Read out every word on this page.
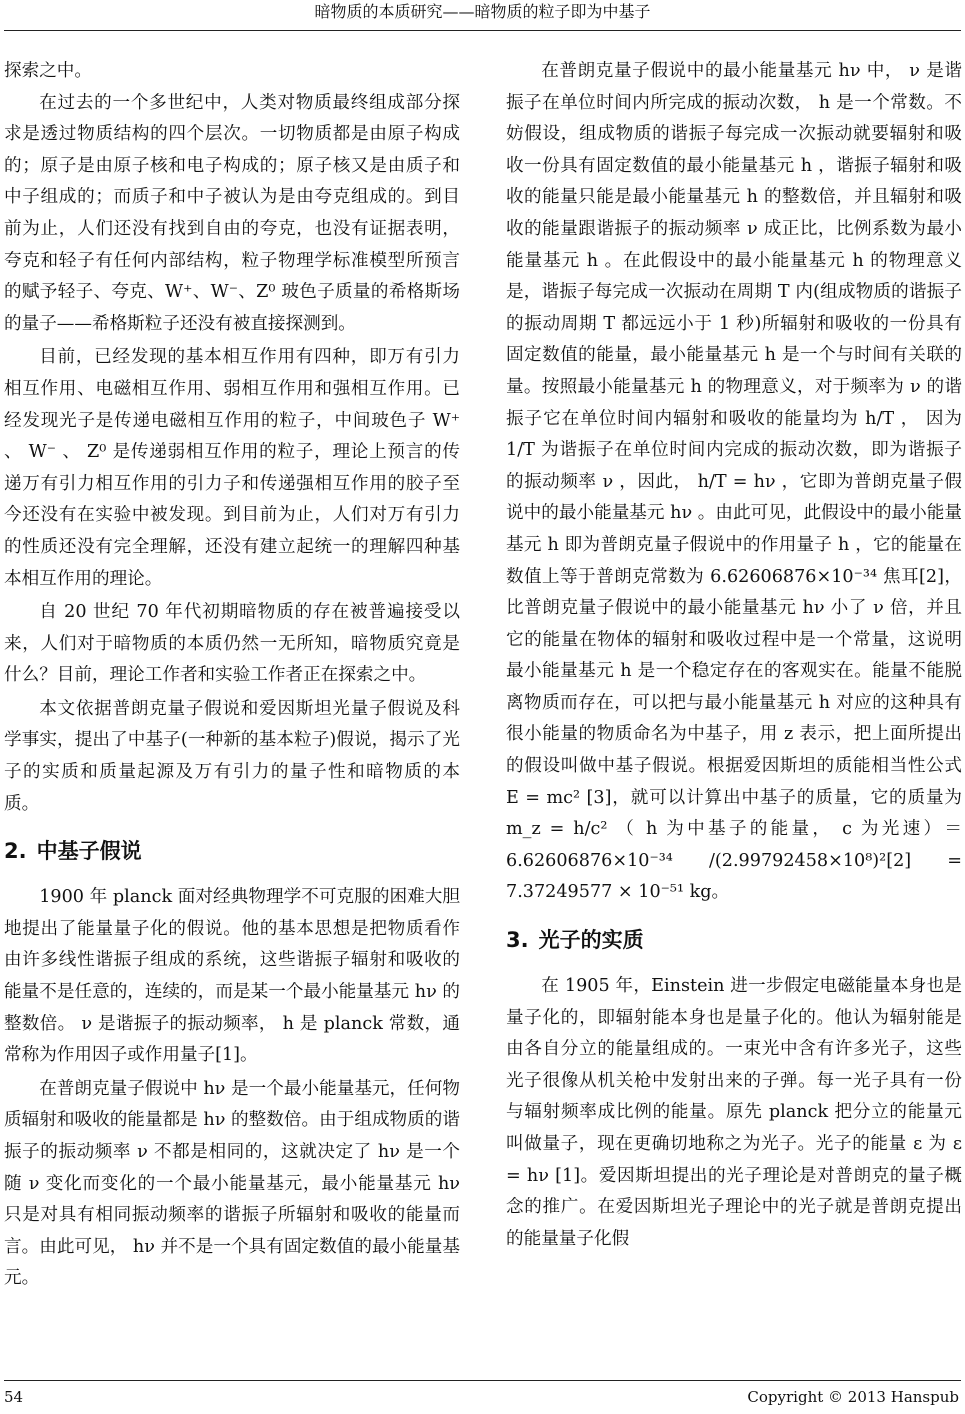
暗物质的本质研究——暗物质的粒子即为中基子

探索之中。

在过去的一个多世纪中，人类对物质最终组成部分探求是透过物质结构的四个层次。一切物质都是由原子构成的；原子是由原子核和电子构成的；原子核又是由质子和中子组成的；而质子和中子被认为是由夸克组成的。到目前为止，人们还没有找到自由的夸克，也没有证据表明，夸克和轻子有任何内部结构，粒子物理学标准模型所预言的赋予轻子、夸克、W⁺、W⁻、Z⁰ 玻色子质量的希格斯场的量子——希格斯粒子还没有被直接探测到。

目前，已经发现的基本相互作用有四种，即万有引力相互作用、电磁相互作用、弱相互作用和强相互作用。已经发现光子是传递电磁相互作用的粒子，中间玻色子 W⁺ 、 W⁻ 、 Z⁰ 是传递弱相互作用的粒子，理论上预言的传递万有引力相互作用的引力子和传递强相互作用的胶子至今还没有在实验中被发现。到目前为止，人们对万有引力的性质还没有完全理解，还没有建立起统一的理解四种基本相互作用的理论。

自 20 世纪 70 年代初期暗物质的存在被普遍接受以来，人们对于暗物质的本质仍然一无所知，暗物质究竟是什么？目前，理论工作者和实验工作者正在探索之中。

本文依据普朗克量子假说和爱因斯坦光量子假说及科学事实，提出了中基子(一种新的基本粒子)假说，揭示了光子的实质和质量起源及万有引力的量子性和暗物质的本质。

2. 中基子假说

1900 年 planck 面对经典物理学不可克服的困难大胆地提出了能量量子化的假说。他的基本思想是把物质看作由许多线性谐振子组成的系统，这些谐振子辐射和吸收的能量不是任意的，连续的，而是某一个最小能量基元 hν 的整数倍。 ν 是谐振子的振动频率， h 是 planck 常数，通常称为作用因子或作用量子[1]。

在普朗克量子假说中 hν 是一个最小能量基元，任何物质辐射和吸收的能量都是 hν 的整数倍。由于组成物质的谐振子的振动频率 ν 不都是相同的，这就决定了 hν 是一个随 ν 变化而变化的一个最小能量基元，最小能量基元 hν 只是对具有相同振动频率的谐振子所辐射和吸收的能量而言。由此可见， hν 并不是一个具有固定数值的最小能量基元。

在普朗克量子假说中的最小能量基元 hν 中， ν 是谐振子在单位时间内所完成的振动次数， h 是一个常数。不妨假设，组成物质的谐振子每完成一次振动就要辐射和吸收一份具有固定数值的最小能量基元 h ，谐振子辐射和吸收的能量只能是最小能量基元 h 的整数倍，并且辐射和吸收的能量跟谐振子的振动频率 ν 成正比，比例系数为最小能量基元 h 。在此假设中的最小能量基元 h 的物理意义是，谐振子每完成一次振动在周期 T 内(组成物质的谐振子的振动周期 T 都远远小于 1 秒)所辐射和吸收的一份具有固定数值的能量，最小能量基元 h 是一个与时间有关联的量。按照最小能量基元 h 的物理意义，对于频率为 ν 的谐振子它在单位时间内辐射和吸收的能量均为 h/T ， 因为 1/T 为谐振子在单位时间内完成的振动次数，即为谐振子的振动频率 ν ，因此， h/T = hν ，它即为普朗克量子假说中的最小能量基元 hν 。由此可见，此假设中的最小能量基元 h 即为普朗克量子假说中的作用量子 h ，它的能量在数值上等于普朗克常数为 6.62606876×10⁻³⁴ 焦耳[2]，比普朗克量子假说中的最小能量基元 hν 小了 ν 倍，并且它的能量在物体的辐射和吸收过程中是一个常量，这说明最小能量基元 h 是一个稳定存在的客观实在。能量不能脱离物质而存在，可以把与最小能量基元 h 对应的这种具有很小能量的物质命名为中基子，用 z 表示，把上面所提出的假设叫做中基子假说。根据爱因斯坦的质能相当性公式 E = mc² [3]，就可以计算出中基子的质量，它的质量为 m_z = h/c² （ h 为中基子的能量， c 为光速）＝ 6.62606876×10⁻³⁴ /(2.99792458×10⁸)²[2] = 7.37249577 × 10⁻⁵¹ kg。

3. 光子的实质

在 1905 年，Einstein 进一步假定电磁能量本身也是量子化的，即辐射能本身也是量子化的。他认为辐射能是由各自分立的能量组成的。一束光中含有许多光子，这些光子很像从机关枪中发射出来的子弹。每一光子具有一份与辐射频率成比例的能量。原先 planck 把分立的能量元叫做量子，现在更确切地称之为光子。光子的能量 ε 为 ε = hν [1]。爱因斯坦提出的光子理论是对普朗克的量子概念的推广。在爱因斯坦光子理论中的光子就是普朗克提出的能量量子化假

54	Copyright © 2013 Hanspub
